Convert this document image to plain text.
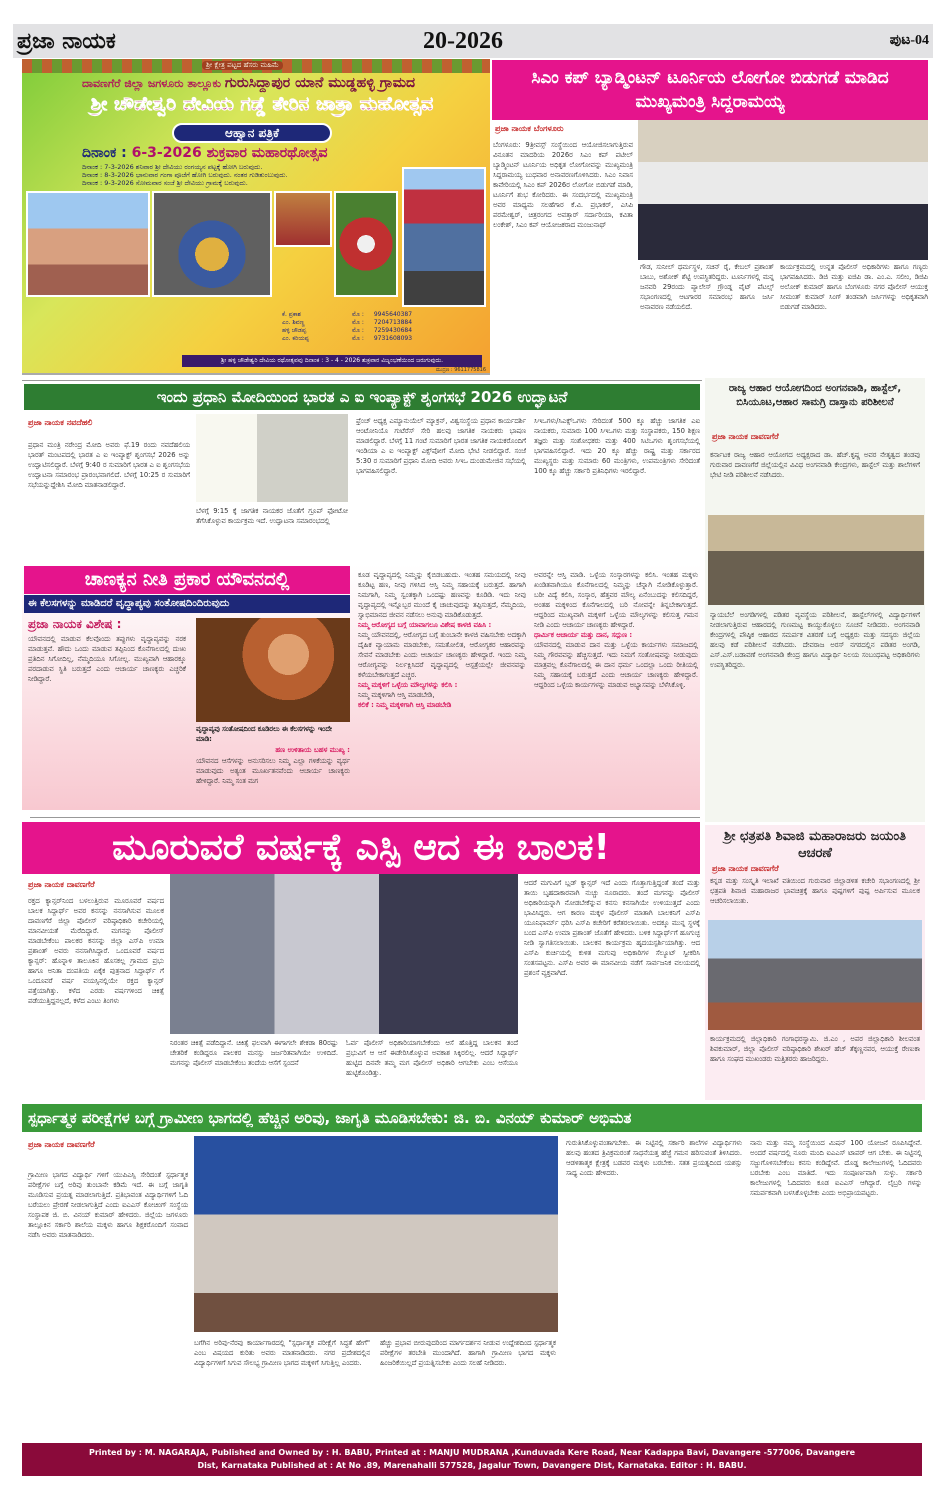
ಪ್ರಜಾ ನಾಯಕ	20-2026	ಪುಟ-04
ಶ್ರೀ ಕ್ಷೇತ್ರ ಪಟ್ಟದ ಹೆಸರು ಮಹಿಮೆ
ದಾವಣಗೆರೆ ಜಿಲ್ಲಾ ಜಗಳೂರು ತಾಲ್ಲೂಕು ಗುರುಸಿದ್ದಾಪುರ ಯಾನೆ ಮುಡ್ಡಹಳ್ಳಿ ಗ್ರಾಮದ
ಶ್ರೀ ಚೌಡೇಶ್ವರಿ ದೇವಿಯ ಗಡ್ಡೆ ತೇರಿನ ಜಾತ್ರಾ ಮಹೋತ್ಸವ
ಆಹ್ವಾನ ಪತ್ರಿಕೆ
ದಿನಾಂಕ : 6-3-2026 ಶುಕ್ರವಾರ ಮಹಾರಥೋತ್ಸವ
ದಿನಾಂಕ : 7-3-2026 ಶನಿವಾರ ಶ್ರೀ ದೇವಿಯು ರಂಗಯ್ಯನ ಪಟ್ಟಕ್ಕೆ ಹೋಗಿ ಬರುವುದು.
ದಿನಾಂಕ : 8-3-2026 ಭಾನುವಾರ ಗಂಗಾ ಪೂಜೆಗೆ ಹೋಗಿ ಬರುವುದು. ನಂತರ ಗುಡಿತುಂಬುವುದು.
ದಿನಾಂಕ : 9-3-2026 ಸೋಮವಾರ ಸಂಜೆ ಶ್ರೀ ದೇವಿಯು ಗ್ರಾಮಕ್ಕೆ ಬರುವುದು.
ಕೆ. ಪ್ರಕಾಶ	ಮೊ : 9945640387
ಎಂ. ಶಿವಣ್ಣ	ಮೊ : 7204713884
ಹಳ್ಳಿ ಚೌಡಪ್ಪ	ಮೊ : 7259430684
ಎಂ. ಕರಿಯಪ್ಪ	ಮೊ : 9731608093
ಶ್ರೀ ಹಳ್ಳಿ ಚೌಡೇಶ್ವರಿ ದೇವಿಯ ರಥೋತ್ಸವವು ದಿನಾಂಕ : 3 - 4 - 2026 ಶುಕ್ರವಾರ ವಿಜೃಂಭಣೆಯಿಂದ ಜರುಗುವುದು.
ಮುದ್ರಣ : 9611775816
ಸಿಎಂ ಕಪ್ ಬ್ಯಾಡ್ಮಿಂಟನ್ ಟೂರ್ನಿಯ ಲೋಗೋ ಬಿಡುಗಡೆ ಮಾಡಿದ ಮುಖ್ಯಮಂತ್ರಿ ಸಿದ್ದರಾಮಯ್ಯ
ಪ್ರಜಾ ನಾಯಕ ಬೆಂಗಳೂರು
ಬೆಂಗಳೂರು: 9ತ್ರೀವಸ್ಸ್ ಸಂಸ್ಥೆಯಿಂದ ಆಯೋಜಿಸಲಾಗುತ್ತಿರುವ ವಿನೂತನ ಮಾದರಿಯ 2026ರ ಸಿಎಂ ಕಪ್ ಪಟೀಲ್ ಬ್ಯಾಡ್ಮಿಂಟನ್ ಟೂರ್ನಿಯ ಅಧಿಕೃತ ಲೋಗೋವನ್ನು ಮುಖ್ಯಮಂತ್ರಿ ಸಿದ್ದರಾಮಯ್ಯ ಬುಧವಾರ ಅನಾವರಣಗೊಳಿಸಿದರು. ಸಿಎಂ ನಿವಾಸ ಕಾವೇರಿಯಲ್ಲಿ ಸಿಎಂ ಕಪ್ 2026ರ ಲೋಗೋ ಬಿಡುಗಡೆ ಮಾಡಿ, ಟೂರ್ನಿಗೆ ಶುಭ ಕೋರಿದರು. ಈ ಸಂದರ್ಭದಲ್ಲಿ ಮುಖ್ಯಮಂತ್ರಿ ಅವರ ಮಾಧ್ಯಮ ಸಲಹೆಗಾರ ಕೆ.ವಿ. ಪ್ರಭಾಕರ್, ಎಸಿಪಿ ಪರಮೇಶ್ವರ್, ಚಿತ್ರರಂಗದ ಅವತ್ತಾರ್ ಸರ್ದಾರಿಯಾ, ಕವಿತಾ ಲಂಕೇಶ್, ಸಿಎಂ ಕಪ್ ಆಯೋಜಕರಾದ ಮಂಜುನಾಥ್
ಗೌಡ, ಸುನೀಲ್ ಧರ್ಮಸ್ಥಳ, ಸಚಿನ್ ರೈ, ಕೇಬಲ್ ಪ್ರಶಾಂತ್ ಬಾಬು, ಅಶೋಕ್ ಶೆಟ್ಟಿ ಉಪಸ್ಥಿತರಿದ್ದರು. ಟೂರ್ನಿಗಳಲ್ಲಿ ಮನ್ನ ಜನವರಿ 29ರಂದು ಪ್ಯಾಲೇಸ್ ಗ್ರೌಂಡ್ನ ವೈಟ್ ಪೆಟಲ್ಸ್ ಸಭಾಂಗಣದಲ್ಲಿ ಆಟಗಾರರ ಸಮಾರಂಭ ಹಾಗೂ ಜರ್ಸಿ ಅನಾವರಣ ನಡೆಯಲಿದೆ.
ಕಾರ್ಯಕ್ರಮದಲ್ಲಿ ಉನ್ನತ ಪೊಲೀಸ್ ಅಧಿಕಾರಿಗಳು ಹಾಗೂ ಗಣ್ಯರು ಭಾಗವಹಿಸಿದರು. ಡಿಜಿ ಮತ್ತು ಐಜಿಪಿ ಡಾ. ಎಂ.ಎ. ಸಲೀಂ, ಡಿಜಿಪಿ ಅಲೋಕ್ ಕುಮಾರ್ ಹಾಗೂ ಬೆಂಗಳೂರು ನಗರ ಪೊಲೀಸ್ ಆಯುಕ್ತ ಸೀಮಂತ್ ಕುಮಾರ್ ಸಿಂಗ್ ತಂಡವಾಗಿ ಜರ್ಸಿಗಳನ್ನು ಅಧಿಕೃತವಾಗಿ ಬಿಡುಗಡೆ ಮಾಡಿದರು.
ಇಂದು ಪ್ರಧಾನಿ ಮೋದಿಯಿಂದ ಭಾರತ ಎ ಐ ಇಂಪ್ಯಾಕ್ಟ್ ಶೃಂಗಸಭೆ 2026 ಉದ್ಘಾಟನೆ
ಪ್ರಜಾ ನಾಯಕ ನವದೆಹಲಿ
ಪ್ರಧಾನ ಮಂತ್ರಿ ನರೇಂದ್ರ ಮೋದಿ ಅವರು ಫೆ.19 ರಂದು ನವದೆಹಲಿಯ ಭಾರತ್ ಮಂಟಪದಲ್ಲಿ ಭಾರತ ಎ ಐ ಇಂಪ್ಯಾಕ್ಟ್ ಶೃಂಗಸಭೆ 2026 ಅನ್ನು ಉದ್ಘಾಟಿಸಲಿದ್ದಾರೆ. ಬೆಳಗ್ಗೆ 9:40 ರ ಸುಮಾರಿಗೆ ಭಾರತ ಎ ಐ ಶೃಂಗಸಭೆಯ ಉದ್ಘಾಟನಾ ಸಮಾರಂಭ ಪ್ರಾರಂಭವಾಗಲಿದೆ. ಬೆಳಗ್ಗೆ 10:25 ರ ಸುಮಾರಿಗೆ ಸಭೆಯನ್ನುದ್ದೇಶಿಸಿ ಮೋದಿ ಮಾತನಾಡಲಿದ್ದಾರೆ.
ಬೆಳಗ್ಗೆ 9:15 ಕ್ಕೆ ಜಾಗತಿಕ ನಾಯಕರ ಜೊತೆಗೆ ಗ್ರೂಪ್ ಫೋಟೋ ತೆಗೆಸಿಕೊಳ್ಳುವ ಕಾರ್ಯಕ್ರಮ ಇದೆ. ಉದ್ಘಾಟನಾ ಸಮಾರಂಭದಲ್ಲಿ
ಫ್ರೆಂಚ್ ಅಧ್ಯಕ್ಷ ಎಮ್ಯಾನುಯೆಲ್ ಮ್ಯಾಕ್ರನ್, ವಿಶ್ವಸಂಸ್ಥೆಯ ಪ್ರಧಾನ ಕಾರ್ಯದರ್ಶಿ ಆಂಟೋನಿಯೊ ಗುಟೆರೆಸ್ ಸೇರಿ ಹಲವು ಜಾಗತಿಕ ನಾಯಕರು ಭಾಷಣ ಮಾಡಲಿದ್ದಾರೆ. ಬೆಳಗ್ಗೆ 11 ಗಂಟೆ ಸುಮಾರಿಗೆ ಭಾರತ ಜಾಗತಿಕ ನಾಯಕರೊಂದಿಗೆ ಇಂಡಿಯಾ ಎ ಐ ಇಂಪ್ಯಾಕ್ಟ್ ಎಕ್ಸ್‌ಪೋಗೆ ಮೋದಿ ಭೇಟಿ ನೀಡಲಿದ್ದಾರೆ. ಸಂಜೆ 5:30 ರ ಸುಮಾರಿಗೆ ಪ್ರಧಾನಿ ಮೋದಿ ಅವರು ಸಿಇಒ ದುಂಡುಮೇಜಿನ ಸಭೆಯಲ್ಲಿ ಭಾಗವಹಿಸಲಿದ್ದಾರೆ.
ಸಿಇಒಗಳು/ಸಿಎಕ್ಸ್‌ಒಗಳು ಸೇರಿದಂತೆ 500 ಕ್ಕೂ ಹೆಚ್ಚು ಜಾಗತಿಕ ಎಐ ನಾಯಕರು, ಸುಮಾರು 100 ಸಿಇಒಗಳು ಮತ್ತು ಸಂಸ್ಥಾಪಕರು, 150 ಶಿಕ್ಷಣ ತಜ್ಞರು ಮತ್ತು ಸಂಶೋಧಕರು ಮತ್ತು 400 ಸಿಟಿಒಗಳು ಶೃಂಗಸಭೆಯಲ್ಲಿ ಭಾಗವಹಿಸಲಿದ್ದಾರೆ. ಇದು 20 ಕ್ಕೂ ಹೆಚ್ಚು ರಾಷ್ಟ್ರ ಮತ್ತು ಸರ್ಕಾರದ ಮುಖ್ಯಸ್ಥರು ಮತ್ತು ಸುಮಾರು 60 ಮಂತ್ರಿಗಳು, ಉಪಮಂತ್ರಿಗಳು ಸೇರಿದಂತೆ 100 ಕ್ಕೂ ಹೆಚ್ಚು ಸರ್ಕಾರಿ ಪ್ರತಿನಿಧಿಗಳು ಇರಲಿದ್ದಾರೆ.
ರಾಜ್ಯ ಆಹಾರ ಆಯೋಗದಿಂದ ಅಂಗನವಾಡಿ, ಹಾಸ್ಟೆಲ್, ಬಿಸಿಯೂಟ,ಆಹಾರ ಸಾಮಗ್ರಿ ದಾಸ್ತಾನು ಪರಿಶೀಲನೆ
ಪ್ರಜಾ ನಾಯಕ ದಾವಣಗೆರೆ
ಕರ್ನಾಟಕ ರಾಜ್ಯ ಆಹಾರ ಆಯೋಗದ ಅಧ್ಯಕ್ಷರಾದ ಡಾ. ಹೆಚ್.ಕೃಷ್ಣ ಅವರ ನೇತೃತ್ವದ ತಂಡವು ಗುರುವಾರ ದಾವಣಗೆರೆ ಜಿಲ್ಲೆಯಲ್ಲಿನ ವಿವಿಧ ಅಂಗನವಾಡಿ ಕೇಂದ್ರಗಳು, ಹಾಸ್ಟೆಲ್ ಮತ್ತು ಶಾಲೆಗಳಿಗೆ ಭೇಟಿ ನೀಡಿ ಪರಿಶೀಲನೆ ನಡೆಸಿದರು.
ನ್ಯಾಯಬೆಲೆ ಅಂಗಡಿಗಳಲ್ಲಿ ಪಡಿತರ ವ್ಯವಸ್ಥೆಯ ಪರಿಶೀಲನೆ, ಹಾಸ್ಟೆಲ್‌ಗಳಲ್ಲಿ ವಿದ್ಯಾರ್ಥಿಗಳಿಗೆ ನೀಡಲಾಗುತ್ತಿರುವ ಆಹಾರದಲ್ಲಿ ಗುಣಮಟ್ಟ ಕಾಯ್ದುಕೊಳ್ಳಲು ಸೂಚನೆ ನೀಡಿದರು. ಅಂಗನವಾಡಿ ಕೇಂದ್ರಗಳಲ್ಲಿ ಪೌಷ್ಠಿಕ ಆಹಾರದ ಸಮರ್ಪಕ ವಿತರಣೆ ಬಗ್ಗೆ ಅಧ್ಯಕ್ಷರು ಮತ್ತು ಸದಸ್ಯರು ಜಿಲ್ಲೆಯ ಹಲವು ಕಡೆ ಪರಿಶೀಲನೆ ನಡೆಸಿದರು. ದೇವರಾಜ ಅರಸ್ ನಗರದಲ್ಲಿನ ಪಡಿತರ ಅಂಗಡಿ, ಎಸ್.ಎಸ್.ಬಡಾವಣೆ ಅಂಗನವಾಡಿ ಕೇಂದ್ರ ಹಾಗೂ ವಿದ್ಯಾರ್ಥಿ ನಿಲಯ ಸಂಬಂಧಪಟ್ಟ ಅಧಿಕಾರಿಗಳು ಉಪಸ್ಥಿತರಿದ್ದರು.
ಚಾಣಕ್ಯನ ನೀತಿ ಪ್ರಕಾರ ಯೌವನದಲ್ಲಿ
ಈ ಕೆಲಸಗಳನ್ನು ಮಾಡಿದರೆ ವೃದ್ಧಾಪ್ಯವು ಸಂತೋಷದಿಂದಿರುವುದು
ಪ್ರಜಾ ನಾಯಕ ವಿಶೇಷ :
ಯೌವನದಲ್ಲಿ ಮಾಡುವ ಕೆಲವೊಂದು ತಪ್ಪುಗಳು ವೃದ್ಧಾಪ್ಯವನ್ನು ನರಕ ಮಾಡುತ್ತವೆ. ಹೌದು ಒಂದು ಮಾಡುವ ತಪ್ಪಿನಿಂದ ಕೊನೆಗಾಲದಲ್ಲಿ ದುಃಖ ಪ್ರತಿದಿನ ಸಿಗೋದಿಲ್ಲ, ನೆಮ್ಮದಿಯೂ ಸಿಗೋಲ್ಲ. ಮುಖ್ಯವಾಗಿ ಆಹಾರಕ್ಕೂ ಪರದಾಡುವ ಸ್ಥಿತಿ ಬರುತ್ತದೆ ಎಂದು ಆಚಾರ್ಯ ಚಾಣಕ್ಯರು ಎಚ್ಚರಿಕೆ ನೀಡಿದ್ದಾರೆ.
ವೃದ್ಧಾಪ್ಯವು ಸಂತೋಷದಿಂದ ಕೂಡಿರಲು ಈ ಕೆಲಸಗಳನ್ನು ಇಂದೇ ಮಾಡಿ:
ಹಣ ಉಳಿತಾಯ ಬಹಳ ಮುಖ್ಯ :
ಯೌವನದ ಆಸೆಗಳನ್ನು ಅನುಸರಿಸಲು ನಿಮ್ಮ ಎಲ್ಲಾ ಗಳಿಕೆಯನ್ನು ವ್ಯರ್ಥ ಮಾಡುವುದು ಅತ್ಯಂತ ಮೂರ್ಖತನವೆಂದು ಆಚಾರ್ಯ ಚಾಣಕ್ಯರು ಹೇಳಿದ್ದಾರೆ. ನಿಮ್ಮ ಸಂತ ಮಗ
ಕೂಡ ವೃದ್ಧಾಪ್ಯದಲ್ಲಿ ನಿಮ್ಮನ್ನು ಕೈಬಿಡಬಹುದು. ಇಂತಹ ಸಮಯದಲ್ಲಿ ನೀವು ಕೂಡಿಟ್ಟ ಹಣ, ನೀವು ಗಳಿಸಿದ ಆಸ್ತಿ ನಿಮ್ಮ ಸಹಾಯಕ್ಕೆ ಬರುತ್ತದೆ. ಹಾಗಾಗಿ ನಿಮಗಾಗಿ, ನಿಮ್ಮ ಸ್ವಂತಕ್ಕಾಗಿ ಒಂದಷ್ಟು ಹಣವನ್ನು ಕೂಡಿಡಿ. ಇದು ನೀವು ವೃದ್ಧಾಪ್ಯದಲ್ಲಿ ಇನ್ನೊಬ್ಬರ ಮುಂದೆ ಕೈ ಚಾಚುವುದನ್ನು ತಪ್ಪಿಸುತ್ತದೆ, ನೆಮ್ಮದಿಯ, ಸ್ವಾಭಿಮಾನದ ಜೀವನ ನಡೆಸಲು ಅನುವು ಮಾಡಿಕೊಡುತ್ತದೆ.
ನಿಮ್ಮ ಆರೋಗ್ಯದ ಬಗ್ಗೆ ಯಾವಾಗಲೂ ವಿಶೇಷ ಕಾಳಜಿ ವಹಿಸಿ :
ನಿಮ್ಮ ಯೌವನದಲ್ಲಿ, ಆರೋಗ್ಯದ ಬಗ್ಗೆ ತುಂಬಾನೇ ಕಾಳಜಿ ವಹಿಸಬೇಕು ಅದಕ್ಕಾಗಿ ದೈಹಿಕ ವ್ಯಾಯಾಮ ಮಾಡಬೇಕು, ಸಮತೋಲಿತ, ಆರೋಗ್ಯಕರ ಆಹಾರವನ್ನು ಸೇವನೆ ಮಾಡಬೇಕು ಎಂದು ಆಚಾರ್ಯ ಚಾಣಕ್ಯರು ಹೇಳಿದ್ದಾರೆ. ಇಂದು ನಿಮ್ಮ ಆರೋಗ್ಯವನ್ನು ನಿರ್ಲಕ್ಷಿಸಿದರೆ ವೃದ್ಧಾಪ್ಯದಲ್ಲಿ ಆಸ್ಪತ್ರೆಯಲ್ಲೇ ಜೀವನವನ್ನು ಕಳೆಯಬೇಕಾಗುತ್ತದೆ ಎಚ್ಚರ.
ನಿಮ್ಮ ಮಕ್ಕಳಿಗೆ ಒಳ್ಳೆಯ ಮೌಲ್ಯಗಳನ್ನು ಕಲಿಸಿ :
ನಿಮ್ಮ ಮಕ್ಕಳಿಗಾಗಿ ಆಸ್ತಿ ಮಾಡಬೇಡಿ,
ಕಲಿಕೆ : ನಿಮ್ಮ ಮಕ್ಕಳಿಗಾಗಿ ಆಸ್ತಿ ಮಾಡಬೇಡಿ
ಅವರನ್ನೇ ಆಸ್ತಿ ಮಾಡಿ. ಒಳ್ಳೆಯ ಸಂಸ್ಕಾರಗಳನ್ನು ಕಲಿಸಿ. ಇಂತಹ ಮಕ್ಕಳು ಖಂಡಿತವಾಗಿಯೂ ಕೊನೆಗಾಲದಲ್ಲಿ ನಿಮ್ಮನ್ನು ಚೆನ್ನಾಗಿ ನೋಡಿಕೊಳ್ಳುತ್ತಾರೆ. ಬರೀ ವಿದ್ಯೆ ಕಲಿಸಿ, ಸಂಸ್ಕಾರ, ಹೆತ್ತವರ ಮೌಲ್ಯ ಏನೆಂಬುದನ್ನು ಕಲಿಸದಿದ್ದರೆ, ಅಂತಹ ಮಕ್ಕಳಿಂದ ಕೊನೆಗಾಲದಲ್ಲಿ ಬರಿ ನೋವನ್ನೇ ತಿನ್ನಬೇಕಾಗುತ್ತದೆ. ಆದ್ದರಿಂದ ಮುಖ್ಯವಾಗಿ ಮಕ್ಕಳಿಗೆ ಒಳ್ಳೆಯ ಮೌಲ್ಯಗಳನ್ನು ಕಲಿಸುತ್ತ ಗಮನ ನೀಡಿ ಎಂದು ಆಚಾರ್ಯ ಚಾಣಕ್ಯರು ಹೇಳಿದ್ದಾರೆ.
ಧಾರ್ಮಿಕ ಆಚಾರ್ಯ ಮತ್ತು ದಾನ, ಸದ್ಗುಣ :
ಯೌವನದಲ್ಲಿ ಮಾಡುವ ದಾನ ಮತ್ತು ಒಳ್ಳೆಯ ಕಾರ್ಯಗಳು ಸಮಾಜದಲ್ಲಿ ನಿಮ್ಮ ಗೌರವವನ್ನು ಹೆಚ್ಚಿಸುತ್ತದೆ. ಇದು ನಿಮಗೆ ಸಂತೋಷವನ್ನು ನೀಡುವುದು ಮಾತ್ರವಲ್ಲ ಕೊನೆಗಾಲದಲ್ಲಿ ಈ ದಾನ ಧರ್ಮ ಒಂದಲ್ಲಾ ಒಂದು ರೀತಿಯಲ್ಲಿ ನಿಮ್ಮ ಸಹಾಯಕ್ಕೆ ಬರುತ್ತದೆ ಎಂದು ಆಚಾರ್ಯ ಚಾಣಕ್ಯರು ಹೇಳಿದ್ದಾರೆ. ಆದ್ದರಿಂದ ಒಳ್ಳೆಯ ಕಾರ್ಯಗಳನ್ನು ಮಾಡುವ ಅಭ್ಯಾಸವನ್ನು ಬೆಳೆಸಿಕೊಳ್ಳಿ.
ಶ್ರೀ ಛತ್ರಪತಿ ಶಿವಾಜಿ ಮಹಾರಾಜರು ಜಯಂತಿ ಆಚರಣೆ
ಪ್ರಜಾ ನಾಯಕ ದಾವಣಗೆರೆ
ಕನ್ನಡ ಮತ್ತು ಸಂಸ್ಕೃತಿ ಇಲಾಖೆ ವತಿಯಿಂದ ಗುರುವಾರ ಜಿಲ್ಲಾಡಳಿತ ಕಚೇರಿ ಸಭಾಂಗಣದಲ್ಲಿ ಶ್ರೀ ಛತ್ರಪತಿ ಶಿವಾಜಿ ಮಹಾರಾಜರ ಭಾವಚಿತ್ರಕ್ಕೆ ಹಾಗೂ ಪುಷ್ಪಗಳಿಗೆ ಪುಷ್ಪ ಅರ್ಪಿಸುವ ಮೂಲಕ ಆಚರಿಸಲಾಯಿತು.
ಕಾರ್ಯಕ್ರಮದಲ್ಲಿ ಜಿಲ್ಲಾಧಿಕಾರಿ ಗಂಗಾಧರಸ್ವಾಮಿ. ಜಿ.ಎಂ , ಅಪರ ಜಿಲ್ಲಾಧಿಕಾರಿ ಶೀಲವಂತ ಶಿವಕುಮಾರ್, ಜಿಲ್ಲಾ ಪೊಲೀಸ್ ವರಿಷ್ಠಾಧಿಕಾರಿ ಶೇಖರ್ ಹೆಚ್ ತೆಕ್ಕಣ್ಣನವರ, ಆಯುಕ್ತೆ ರೇಣುಕಾ ಹಾಗೂ ಸಂಘದ ಮುಖಂಡರು ಮತ್ತಿತರರು ಹಾಜರಿದ್ದರು.
ಮೂರುವರೆ ವರ್ಷಕ್ಕೆ ಎಸ್ಪಿ ಆದ ಈ ಬಾಲಕ!
ಪ್ರಜಾ ನಾಯಕ ದಾವಣಗೆರೆ
ರಕ್ತದ ಕ್ಯಾನ್ಸರ್‌ನಿಂದ ಬಳಲುತ್ತಿರುವ ಮೂರೂವರೆ ವರ್ಷದ ಬಾಲಕ ಸಿದ್ದಾರ್ಥ್ ಅವರ ಕನಸನ್ನು ನನಸಾಗಿಸುವ ಮೂಲಕ ದಾವಣಗೆರೆ ಜಿಲ್ಲಾ ಪೊಲೀಸ್ ವರಿಷ್ಠಾಧಿಕಾರಿ ಕಚೇರಿಯಲ್ಲಿ ಮಾನವೀಯತೆ ಮೆರೆದಿದ್ದಾರೆ. ಮಗನನ್ನು ಪೊಲೀಸ್ ಮಾಡಬೇಕೆಂಬ ಪಾಲಕರ ಕನಸನ್ನು ಜಿಲ್ಲಾ ಎಸ್‌ಪಿ ಉಮಾ ಪ್ರಶಾಂತ್ ಅವರು ನನಸಾಗಿಸಿದ್ದಾರೆ. ಒಂದೂವರೆ ವರ್ಷದ ಕ್ಯಾನ್ಸರ್: ಹೊನ್ನಾಳಿ ತಾಲೂಕಿನ ಹೊಸಕಲ್ಲ ಗ್ರಾಮದ ಪ್ರಭು ಹಾಗೂ ಅನಿತಾ ದಂಪತಿಯ ಏಕೈಕ ಪುತ್ರನಾದ ಸಿದ್ದಾರ್ಥ್ ಗೆ ಒಂದೂವರೆ ವರ್ಷ ವಯಸ್ಸಿನಲ್ಲಿಯೇ ರಕ್ತದ ಕ್ಯಾನ್ಸರ್ ಪತ್ತೆಯಾಗಿತ್ತು. ಕಳೆದ ಎರಡು ವರ್ಷಗಳಿಂದ ಚಿಕಿತ್ಸೆ ಪಡೆಯುತ್ತಿದ್ದನಲ್ಲದೆ, ಕಳೆದ ಎಂಟು ತಿಂಗಳು
ನಿರಂತರ ಚಿಕಿತ್ಸೆ ಪಡೆದಿದ್ದಾನೆ. ಚಿಕಿತ್ಸೆ ಫಲವಾಗಿ ಈಗಾಗಲೇ ಶೇಕಡಾ 80ರಷ್ಟು ಚೇತರಿಕೆ ಕಂಡಿದ್ದರೂ ಪಾಲಕರ ಮನಸ್ಸು ಜರ್ಜರಿತವಾಗಿಯೇ ಉಳಿದಿದೆ. ಮಗನನ್ನು ಪೊಲೀಸ್ ಮಾಡಬೇಕೆಂಬ ತಂದೆಯ ಆಸೆಗೆ ಸ್ಪಂದನೆ
ಓರ್ವ ಪೊಲೀಸ್ ಅಧಿಕಾರಿಯಾಗಬೇಕೆಂದು ಆಸೆ ಹೊತ್ತಿದ್ದ ಬಾಲಕನ ತಂದೆ ಪ್ರಭುವಿಗೆ ಆ ಆಸೆ ಈಡೇರಿಸಿಕೊಳ್ಳುವ ಅವಕಾಶ ಸಿಕ್ಕಿರಲಿಲ್ಲ. ಆದರೆ ಸಿದ್ದಾರ್ಥ್ ಹುಟ್ಟಿದ ದಿನವೇ ತಮ್ಮ ಮಗ ಪೊಲೀಸ್ ಅಧಿಕಾರಿ ಆಗಬೇಕು ಎಂಬ ಆಸೆಯೂ ಹುಟ್ಟಿಕೊಂಡಿತ್ತು.
ಆದರೆ ಮಗುವಿಗೆ ಬ್ಲಡ್ ಕ್ಯಾನ್ಸರ್ ಇದೆ ಎಂದು ಗೊತ್ತಾಗುತ್ತಿದ್ದಂತೆ ತಂದೆ ಮತ್ತು ತಾಯಿ ಬೃಹದಾಕಾರವಾಗಿ ನುಚ್ಚು ನೂರಾದರು. ತಂದೆ ಮಗನನ್ನು ಪೊಲೀಸ್ ಅಧಿಕಾರಿಯನ್ನಾಗಿ ನೋಡಬೇಕೆನ್ನುವ ಕನಸು ಕನಸಾಗಿಯೇ ಉಳಿಯುತ್ತದೆ ಎಂದು ಭಾವಿಸಿದ್ದರು. ಆಗ ಕಾರಣ ಮಕ್ಕಳ ಪೊಲೀಸ್ ಮಾತಾಗಿ ಬಾಲಕನಿಗೆ ಎಸ್‌ಪಿ ಯೂನಿಫಾರ್ಮ್ ಧರಿಸಿ ಎಸ್‌ಪಿ ಕಚೇರಿಗೆ ಕರೆತರಲಾಯಿತು. ಅದಕ್ಕೂ ಮುನ್ನ ಸ್ಥಳಕ್ಕೆ ಬಂದ ಎಸ್‌ಪಿ ಉಮಾ ಪ್ರಶಾಂತ್ ಜೊತೆಗೆ ಹೇಳಿದರು. ಬಳಿಕ ಸಿದ್ದಾರ್ಥ್‌ಗೆ ಹೂಗುಚ್ಛ ನೀಡಿ ಸ್ವಾಗತಿಸಲಾಯಿತು. ಬಾಲಕನ ಕಾರ್ಯಕ್ರಮ ಹೃದಯಸ್ಪರ್ಶಿಯಾಗಿತ್ತು. ಆದ ಎಸ್‌ಪಿ ಕುರ್ಚಿಯಲ್ಲಿ ಕುಳಿತ ಮಗುವು ಅಧಿಕಾರಿಗಳ ಸೆಲ್ಯೂಟ್ ಸ್ವೀಕರಿಸಿ ಸಂತಸಪಟ್ಟನು. ಎಸ್‌ಪಿ ಅವರ ಈ ಮಾನವೀಯ ನಡೆಗೆ ಸಾರ್ವಜನಿಕ ವಲಯದಲ್ಲಿ ಪ್ರಶಂಸೆ ವ್ಯಕ್ತವಾಗಿದೆ.
ಸ್ಪರ್ಧಾತ್ಮಕ ಪರೀಕ್ಷೆಗಳ ಬಗ್ಗೆ ಗ್ರಾಮೀಣ ಭಾಗದಲ್ಲಿ ಹೆಚ್ಚಿನ ಅರಿವು, ಜಾಗೃತಿ ಮೂಡಿಸಬೇಕು: ಜಿ. ಬಿ. ವಿನಯ್ ಕುಮಾರ್ ಅಭಿಮತ
ಪ್ರಜಾ ನಾಯಕ ದಾವಣಗೆರೆ
ಗ್ರಾಮೀಣ ಭಾಗದ ವಿದ್ಯಾರ್ಥಿ ಗಳಿಗೆ ಯುಪಿಎಸ್ಸಿ ಸೇರಿದಂತೆ ಸ್ಪರ್ಧಾತ್ಮಕ ಪರೀಕ್ಷೆಗಳ ಬಗ್ಗೆ ಅರಿವು ತುಂಬಾನೇ ಕಡಿಮೆ ಇದೆ. ಈ ಬಗ್ಗೆ ಜಾಗೃತಿ ಮೂಡಿಸುವ ಪ್ರಯತ್ನ ಮಾಡಲಾಗುತ್ತಿದೆ. ಪ್ರತಿಭಾವಂತ ವಿದ್ಯಾರ್ಥಿಗಳಿಗೆ ಓದಿ ಬರೆಯಲು ಪ್ರೇರಣೆ ನೀಡಲಾಗುತ್ತಿದೆ ಎಂದು ಐಎಎಸ್ ಕೋಚಿಂಗ್ ಸಂಸ್ಥೆಯ ಸಂಸ್ಥಾಪಕ ಜಿ. ಬಿ. ವಿನಯ್ ಕುಮಾರ್ ಹೇಳಿದರು. ಜಿಲ್ಲೆಯ ಜಗಳೂರು ತಾಲ್ಲೂಕಿನ ಸರ್ಕಾರಿ ಶಾಲೆಯ ಮಕ್ಕಳು ಹಾಗೂ ಶಿಕ್ಷಕರೊಂದಿಗೆ ಸಂವಾದ ನಡೆಸಿ ಅವರು ಮಾತನಾಡಿದರು.
ಬಗೆಗಿನ ಅರಿವು-ನೆರವು ಕಾರ್ಯಾಗಾರದಲ್ಲಿ "ಸ್ಪರ್ಧಾತ್ಮಕ ಪರೀಕ್ಷೆಗೆ ಸಿದ್ಧತೆ ಹೇಗೆ" ಎಂಬ ವಿಷಯದ ಕುರಿತು ಅವರು ಮಾತನಾಡಿದರು. ನಗರ ಪ್ರದೇಶದಲ್ಲಿನ ವಿದ್ಯಾರ್ಥಿಗಳಿಗೆ ಸಿಗುವ ಸೌಲಭ್ಯ ಗ್ರಾಮೀಣ ಭಾಗದ ಮಕ್ಕಳಿಗೆ ಸಿಗುತ್ತಿಲ್ಲ ಎಂದರು.
ಹೆಚ್ಚು ಪ್ರಭಾವ ಬೀರುವುದರಿಂದ ಮಾರ್ಗದರ್ಶನ ನೀಡುವ ಉದ್ದೇಶದಿಂದ ಸ್ಪರ್ಧಾತ್ಮಕ ಪರೀಕ್ಷೆಗಳ ತರಬೇತಿ ಮುಂದಾಗಿದೆ. ಹಾಗಾಗಿ ಗ್ರಾಮೀಣ ಭಾಗದ ಮಕ್ಕಳು ಹಿಂಜರಿಕೆಯಿಲ್ಲದೆ ಪ್ರಯತ್ನಿಸಬೇಕು ಎಂದು ಸಲಹೆ ನೀಡಿದರು.
ಗುರುತಿಸಿಕೊಳ್ಳುವಂತಾಗಬೇಕು. ಈ ನಿಟ್ಟಿನಲ್ಲಿ ಸರ್ಕಾರಿ ಶಾಲೆಗಳ ವಿದ್ಯಾರ್ಥಿಗಳು ಹಲವು ಹಂತದ ತ್ರಿವಿಕ್ರಮರಂತೆ ಸಾಧನೆಯತ್ತ ಹೆಜ್ಜೆ ಗಮನ ಹರಿಸುವಂತೆ ತಿಳಿಸಿದರು. ಆಡಳಿತಾತ್ಮಕ ಕ್ಷೇತ್ರಕ್ಕೆ ಬಡವರ ಮಕ್ಕಳು ಬರಬೇಕು. ಸತತ ಪ್ರಯತ್ನದಿಂದ ಯಶಸ್ಸು ಸಾಧ್ಯ ಎಂದು ಹೇಳಿದರು.
ನಾನು ಮತ್ತು ನಮ್ಮ ಸಂಸ್ಥೆಯಿಂದ ಮಿಷನ್ 100 ಯೋಜನೆ ರೂಪಿಸಿದ್ದೇವೆ. ಅಂದರೆ ವರ್ಷದಲ್ಲಿ ನೂರು ಮಂದಿ ಐಎಎಸ್ ಟಾಪರ್ ಆಗ ಬೇಕು. ಈ ನಿಟ್ಟಿನಲ್ಲಿ ಸಜ್ಜುಗೊಳಿಸಬೇಕೆಂಬ ಕನಸು ಕಂಡಿದ್ದೇವೆ. ದೊಡ್ಡ ಕಾಲೇಜುಗಳಲ್ಲಿ ಓದಿದವರು ಬರಬೇಕು ಎಂಬ ಮಾತಿದೆ. ಇದು ಸಂಪೂರ್ಣವಾಗಿ ಸುಳ್ಳು. ಸರ್ಕಾರಿ ಕಾಲೇಜುಗಳಲ್ಲಿ ಓದಿದವರು ಕೂಡ ಐಎಎಸ್ ಆಗಿದ್ದಾರೆ. ಲೈಬ್ರರಿ ಗಳನ್ನು ಸಮರ್ಪಕವಾಗಿ ಬಳಸಿಕೊಳ್ಳಬೇಕು ಎಂದು ಅಭಿಪ್ರಾಯಪಟ್ಟರು.
Printed by : M. NAGARAJA, Published and Owned by : H. BABU, Printed at : MANJU MUDRANA ,Kunduvada Kere Road, Near Kadappa Bavi, Davangere -577006, Davangere
Dist, Karnataka Published at : At No .89, Marenahalli 577528, Jagalur Town, Davangere Dist, Karnataka. Editor : H. BABU.
